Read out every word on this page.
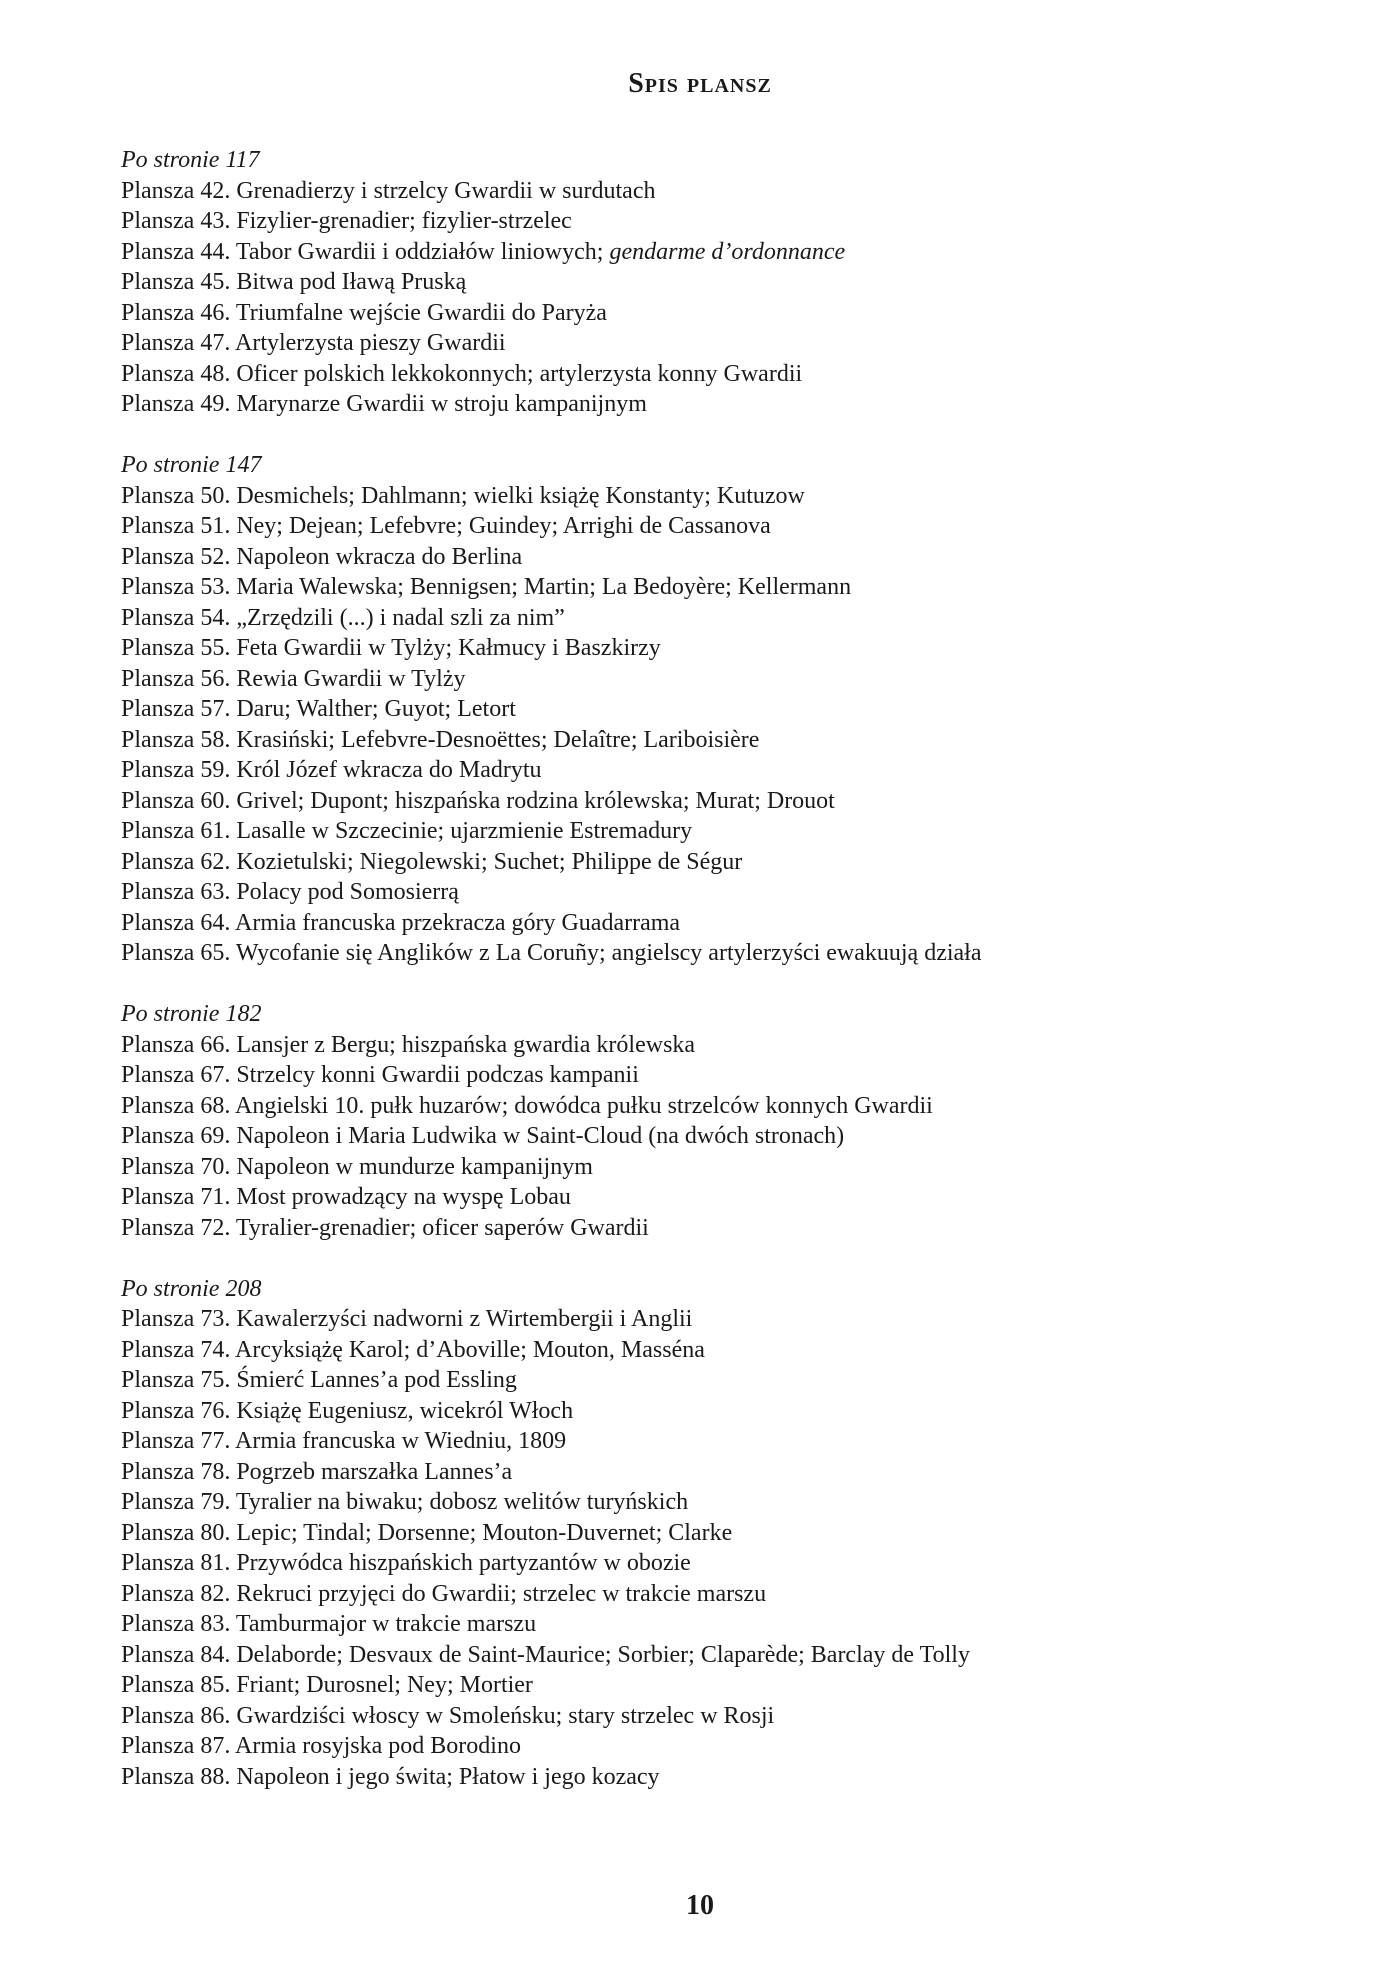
Spis plansz

Po stronie 117

Plansza 42. Grenadierzy i strzelcy Gwardii w surdutach

Plansza 43. Fizylier-grenadier; fizylier-strzelec

Plansza 44. Tabor Gwardii i oddziałów liniowych; gendarme d’ordonnance

Plansza 45. Bitwa pod Iławą Pruską

Plansza 46. Triumfalne wejście Gwardii do Paryża

Plansza 47. Artylerzysta pieszy Gwardii

Plansza 48. Oficer polskich lekkokonnych; artylerzysta konny Gwardii

Plansza 49. Marynarze Gwardii w stroju kampanijnym

Po stronie 147

Plansza 50. Desmichels; Dahlmann; wielki książę Konstanty; Kutuzow

Plansza 51. Ney; Dejean; Lefebvre; Guindey; Arrighi de Cassanova

Plansza 52. Napoleon wkracza do Berlina

Plansza 53. Maria Walewska; Bennigsen; Martin; La Bedoyère; Kellermann

Plansza 54. „Zrzędzili (...) i nadal szli za nim”

Plansza 55. Feta Gwardii w Tylży; Kałmucy i Baszkirzy

Plansza 56. Rewia Gwardii w Tylży

Plansza 57. Daru; Walther; Guyot; Letort

Plansza 58. Krasiński; Lefebvre-Desnoëttes; Delaître; Lariboisière

Plansza 59. Król Józef wkracza do Madrytu

Plansza 60. Grivel; Dupont; hiszpańska rodzina królewska; Murat; Drouot

Plansza 61. Lasalle w Szczecinie; ujarzmienie Estremadury

Plansza 62. Kozietulski; Niegolewski; Suchet; Philippe de Ségur

Plansza 63. Polacy pod Somosierrą

Plansza 64. Armia francuska przekracza góry Guadarrama

Plansza 65. Wycofanie się Anglików z La Coruñy; angielscy artylerzyści ewakuują działa

Po stronie 182

Plansza 66. Lansjer z Bergu; hiszpańska gwardia królewska

Plansza 67. Strzelcy konni Gwardii podczas kampanii

Plansza 68. Angielski 10. pułk huzarów; dowódca pułku strzelców konnych Gwardii

Plansza 69. Napoleon i Maria Ludwika w Saint-Cloud (na dwóch stronach)

Plansza 70. Napoleon w mundurze kampanijnym

Plansza 71. Most prowadzący na wyspę Lobau

Plansza 72. Tyralier-grenadier; oficer saperów Gwardii

Po stronie 208

Plansza 73. Kawalerzyści nadworni z Wirtembergii i Anglii

Plansza 74. Arcyksiążę Karol; d’Aboville; Mouton, Masséna

Plansza 75. Śmierć Lannes’a pod Essling

Plansza 76. Książę Eugeniusz, wicekról Włoch

Plansza 77. Armia francuska w Wiedniu, 1809

Plansza 78. Pogrzeb marszałka Lannes’a

Plansza 79. Tyralier na biwaku; dobosz welitów turyńskich

Plansza 80. Lepic; Tindal; Dorsenne; Mouton-Duvernet; Clarke

Plansza 81. Przywódca hiszpańskich partyzantów w obozie

Plansza 82. Rekruci przyjęci do Gwardii; strzelec w trakcie marszu

Plansza 83. Tamburmajor w trakcie marszu

Plansza 84. Delaborde; Desvaux de Saint-Maurice; Sorbier; Claparède; Barclay de Tolly

Plansza 85. Friant; Durosnel; Ney; Mortier

Plansza 86. Gwardziści włoscy w Smoleńsku; stary strzelec w Rosji

Plansza 87. Armia rosyjska pod Borodino

Plansza 88. Napoleon i jego świta; Płatow i jego kozacy

10
